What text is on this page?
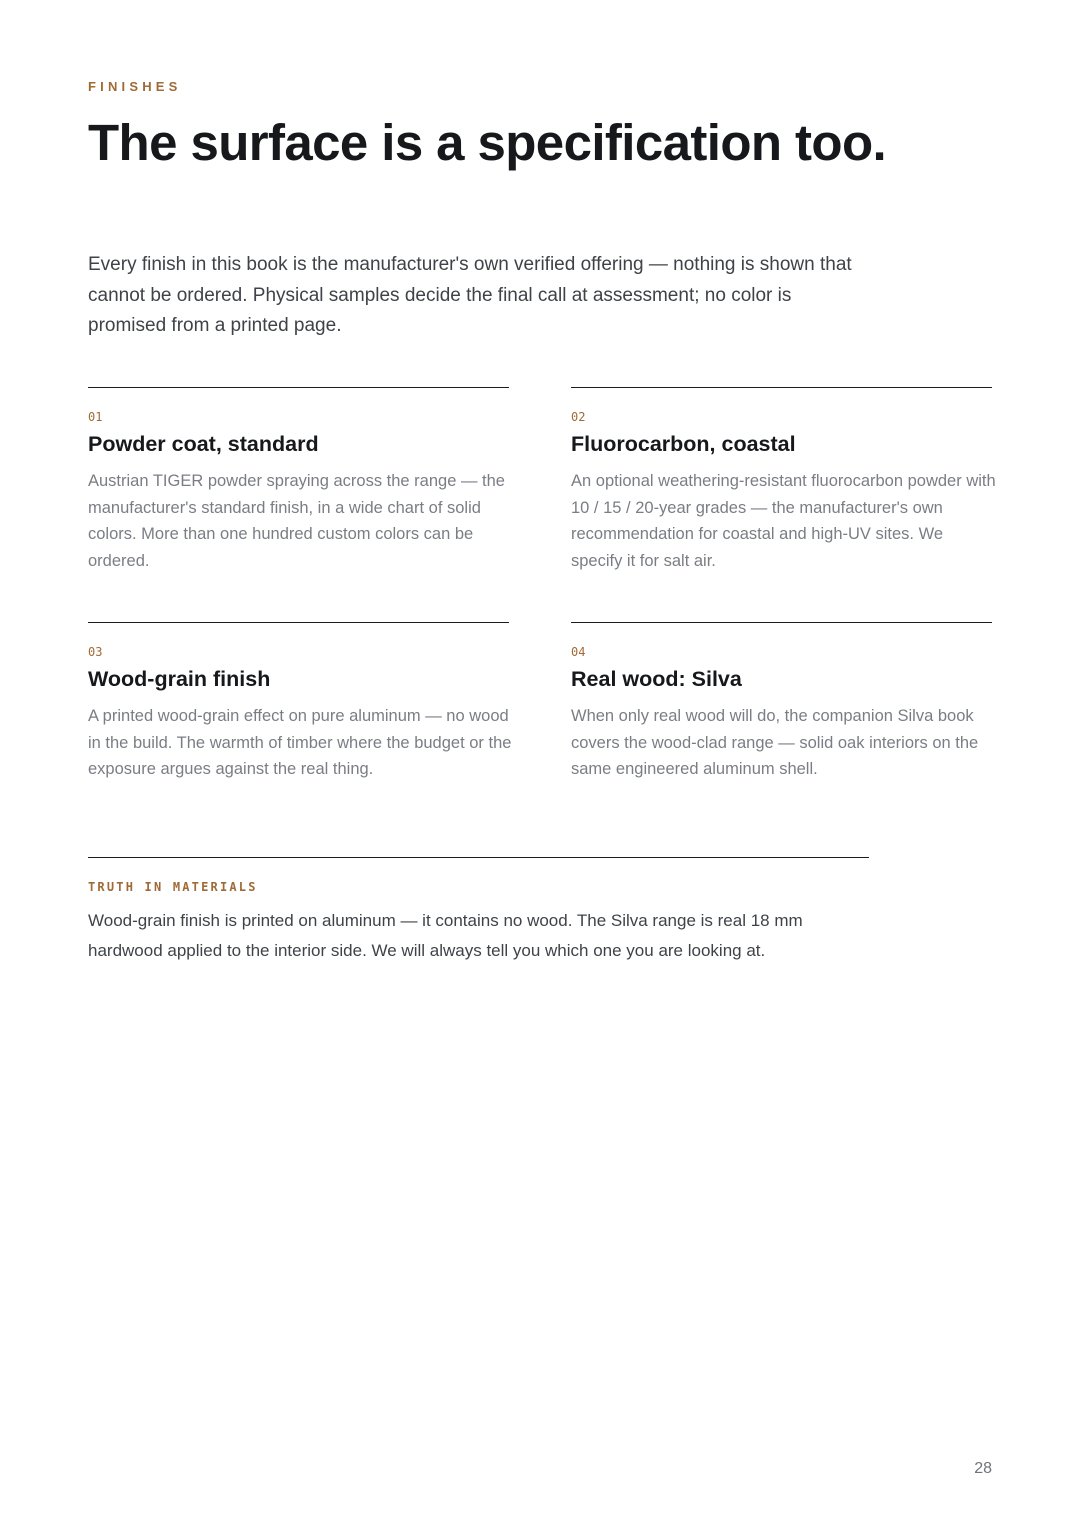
FINISHES
The surface is a specification too.

Every finish in this book is the manufacturer's own verified offering — nothing is shown that cannot be ordered. Physical samples decide the final call at assessment; no color is promised from a printed page.

01
Powder coat, standard

Austrian TIGER powder spraying across the range — the manufacturer's standard finish, in a wide chart of solid colors. More than one hundred custom colors can be ordered.

02
Fluorocarbon, coastal

An optional weathering-resistant fluorocarbon powder with 10 / 15 / 20-year grades — the manufacturer's own recommendation for coastal and high-UV sites. We specify it for salt air.

03
Wood-grain finish

A printed wood-grain effect on pure aluminum — no wood in the build. The warmth of timber where the budget or the exposure argues against the real thing.

04
Real wood: Silva

When only real wood will do, the companion Silva book covers the wood-clad range — solid oak interiors on the same engineered aluminum shell.

TRUTH IN MATERIALS

Wood-grain finish is printed on aluminum — it contains no wood. The Silva range is real 18 mm hardwood applied to the interior side. We will always tell you which one you are looking at.

28
